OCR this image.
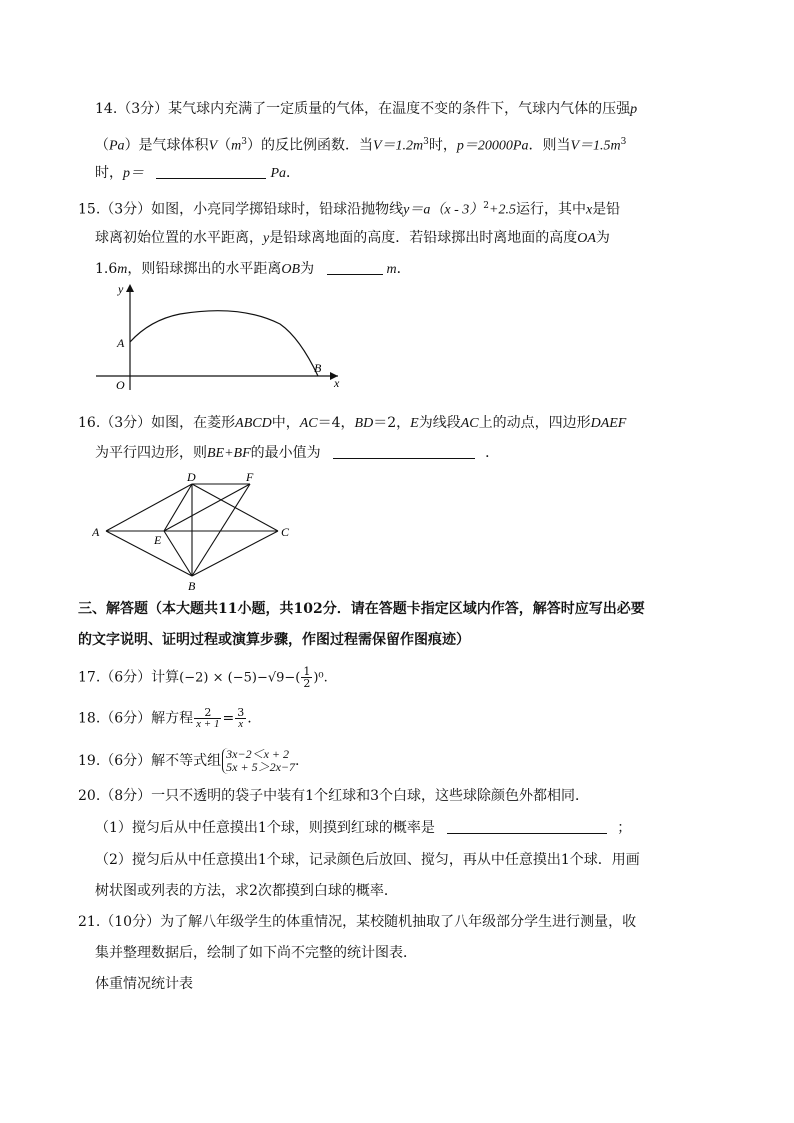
14.（3分）某气球内充满了一定质量的气体，在温度不变的条件下，气球内气体的压强p
（Pa）是气球体积$V(m^3)$的反比例函数．当$V=1.2m^3$时，p＝20000Pa．则当$V=1.5m^3$
时，p＝	Pa．
15.（3分）如图，小亮同学掷铅球时，铅球沿抛物线y＝a（x - 3）$^2$+2.5运行，其中x是铅
球离初始位置的水平距离，y是铅球离地面的高度．若铅球掷出时离地面的高度OA为
1.6m，则铅球掷出的水平距离OB为	m．
y
x
A
B
O
16.（3分）如图，在菱形ABCD中，AC＝4，BD＝2，E为线段AC上的动点，四边形DAEF
为平行四边形，则BE+BF的最小值为	．
A
B
C
D
E
F
三、解答题（本大题共11小题，共102分．请在答题卡指定区域内作答，解答时应写出必要
的文字说明、证明过程或演算步骤，作图过程需保留作图痕迹）
17.（6分）计算$(-2) \times (-5)-√9-( \frac{1}{2} )^0$.
18.（6分）解方程 $\frac{2}{x + 1} = \frac{3}{x}$ .
19.（6分）解不等式组 3x−2＜x + 2
5x + 5＞2x−7 .
20.（8分）一只不透明的袋子中装有1个红球和3个白球，这些球除颜色外都相同．
（1）搅匀后从中任意摸出1个球，则摸到红球的概率是	；
（2）搅匀后从中任意摸出1个球，记录颜色后放回、搅匀，再从中任意摸出1个球．用画
树状图或列表的方法，求2次都摸到白球的概率．
21.（10分）为了解八年级学生的体重情况，某校随机抽取了八年级部分学生进行测量，收
集并整理数据后，绘制了如下尚不完整的统计图表．
体重情况统计表
